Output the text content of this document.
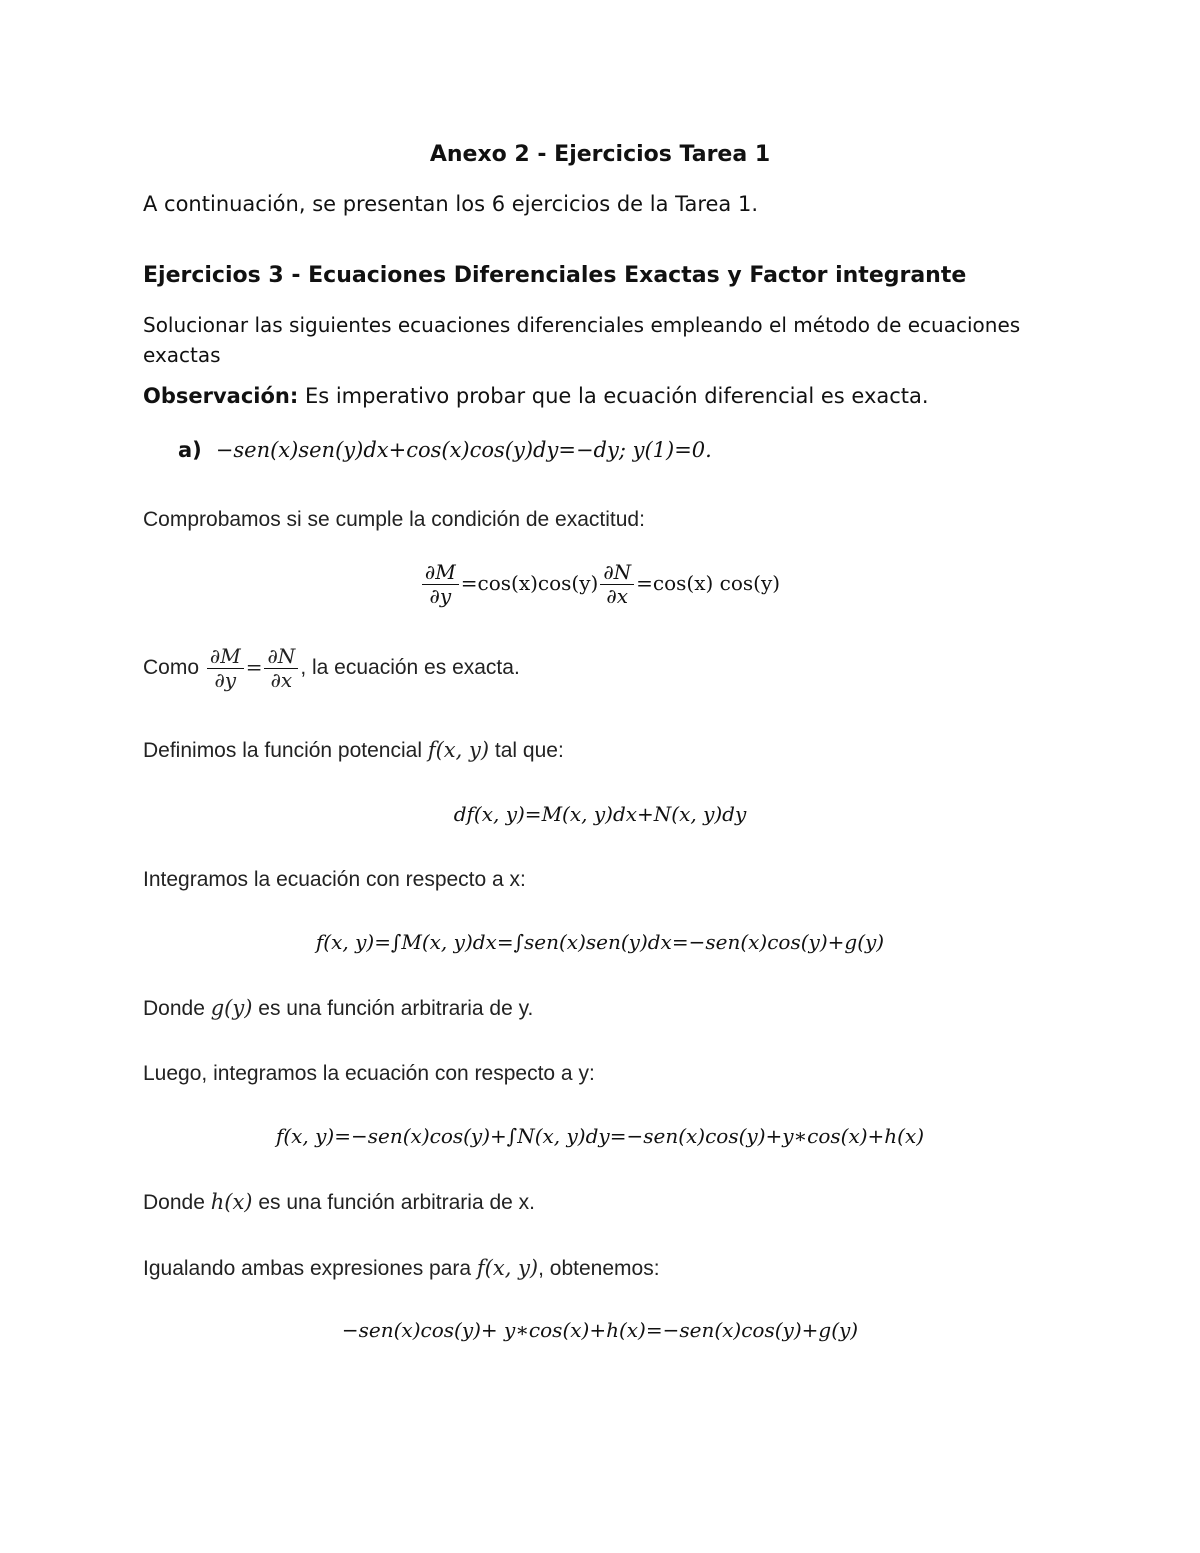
Anexo 2 - Ejercicios Tarea 1
A continuación, se presentan los 6 ejercicios de la Tarea 1.
Ejercicios 3 - Ecuaciones Diferenciales Exactas y Factor integrante
Solucionar las siguientes ecuaciones diferenciales empleando el método de ecuaciones exactas
Observación: Es imperativo probar que la ecuación diferencial es exacta.
a) −sen(x)sen(y)dx+cos(x)cos(y)dy=−dy; y(1)=0.
Comprobamos si se cumple la condición de exactitud:
$\frac{\partial M}{\partial y} =\cos(x)\cos(y) \frac{\partial N}{\partial x} =\cos(x)$ cos(y)
Como $\frac{\partial M}{\partial y} = \frac{\partial N}{\partial x}$ , la ecuación es exacta.
Definimos la función potencial f(x, y) tal que:
df(x, y)=M(x, y)dx+N(x, y)dy
Integramos la ecuación con respecto a x:
f(x, y)=∫M(x, y)dx=∫sen(x)sen(y)dx=−sen(x)cos(y)+g(y)
Donde g(y) es una función arbitraria de y.
Luego, integramos la ecuación con respecto a y:
f(x, y)=−sen(x)cos(y)+∫N(x, y)dy=−sen(x)cos(y)+y∗cos(x)+h(x)
Donde h(x) es una función arbitraria de x.
Igualando ambas expresiones para f(x, y), obtenemos:
−sen(x)cos(y)+ y∗cos(x)+h(x)=−sen(x)cos(y)+g(y)
